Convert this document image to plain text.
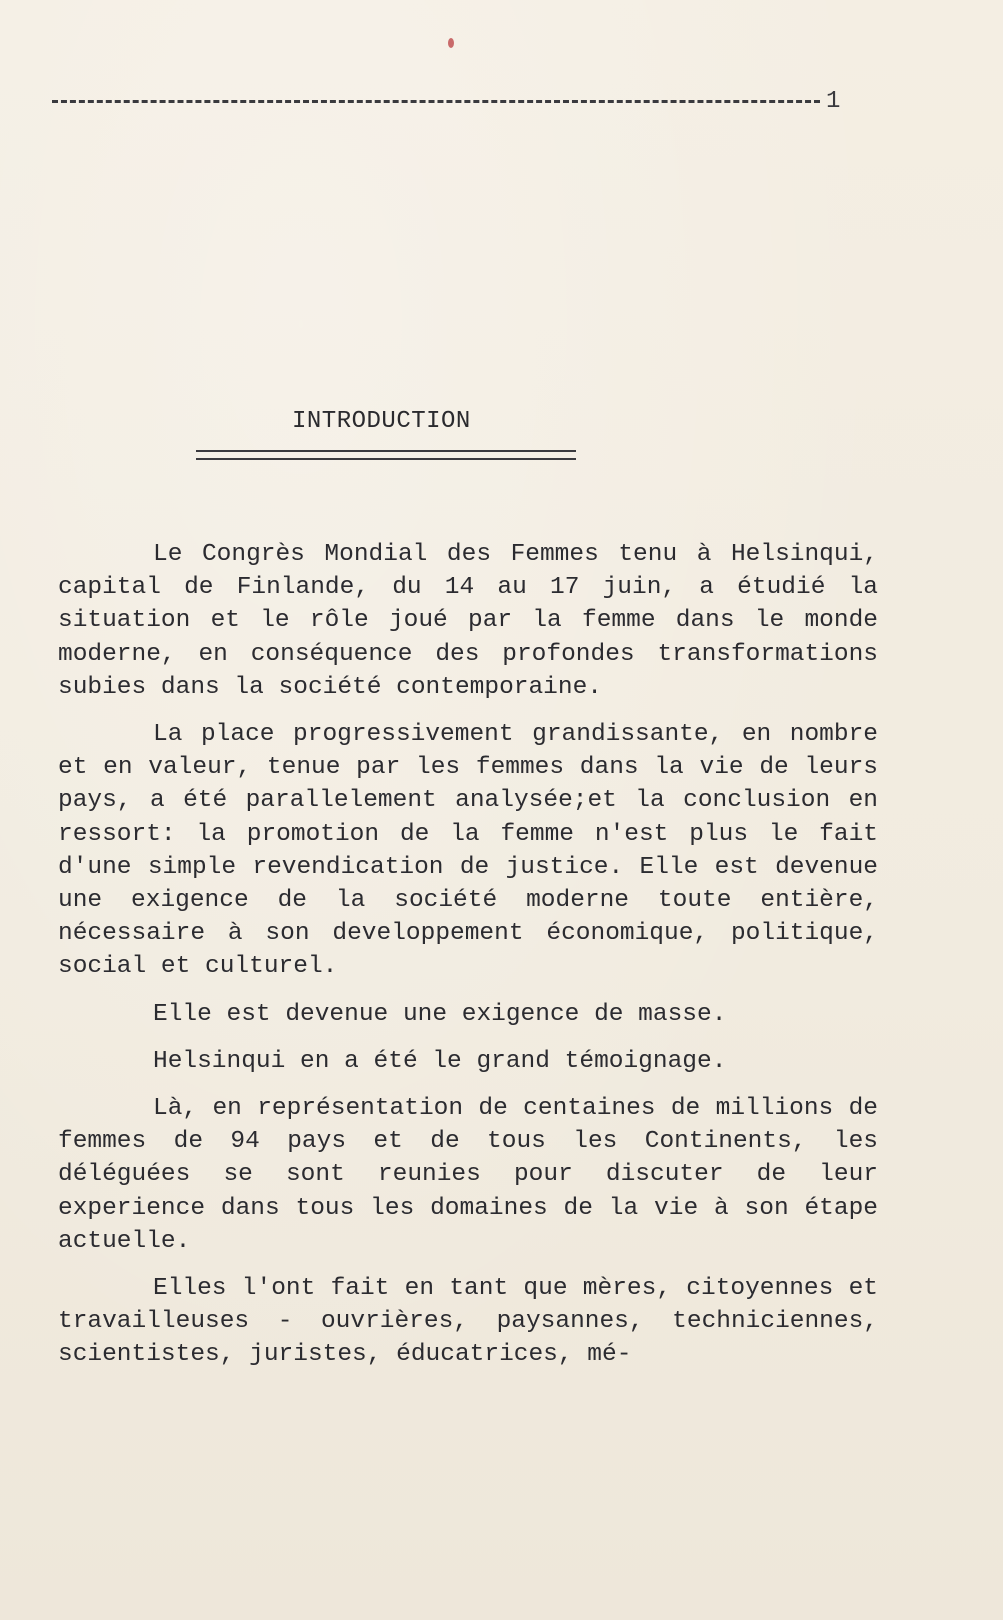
1
INTRODUCTION

Le Congrès Mondial des Femmes tenu à Helsinqui, capital de Finlande, du 14 au 17 juin, a étudié la situation et le rôle joué par la femme dans le monde moderne, en conséquence des profondes transformations subies dans la société contemporaine.

La place progressivement grandissante, en nombre et en valeur, tenue par les femmes dans la vie de leurs pays, a été parallelement analysée;et la conclusion en ressort: la promotion de la femme n'est plus le fait d'une simple revendication de justice. Elle est devenue une exigence de la société moderne toute entière, nécessaire à son developpement économique, politique, social et culturel.

Elle est devenue une exigence de masse.

Helsinqui en a été le grand témoignage.

Là, en représentation de centaines de millions de femmes de 94 pays et de tous les Continents, les déléguées se sont reunies pour discuter de leur experience dans tous les domaines de la vie à son étape actuelle.

Elles l'ont fait en tant que mères, citoyennes et travailleuses - ouvrières, paysannes, techniciennes, scientistes, juristes, éducatrices, mé-
